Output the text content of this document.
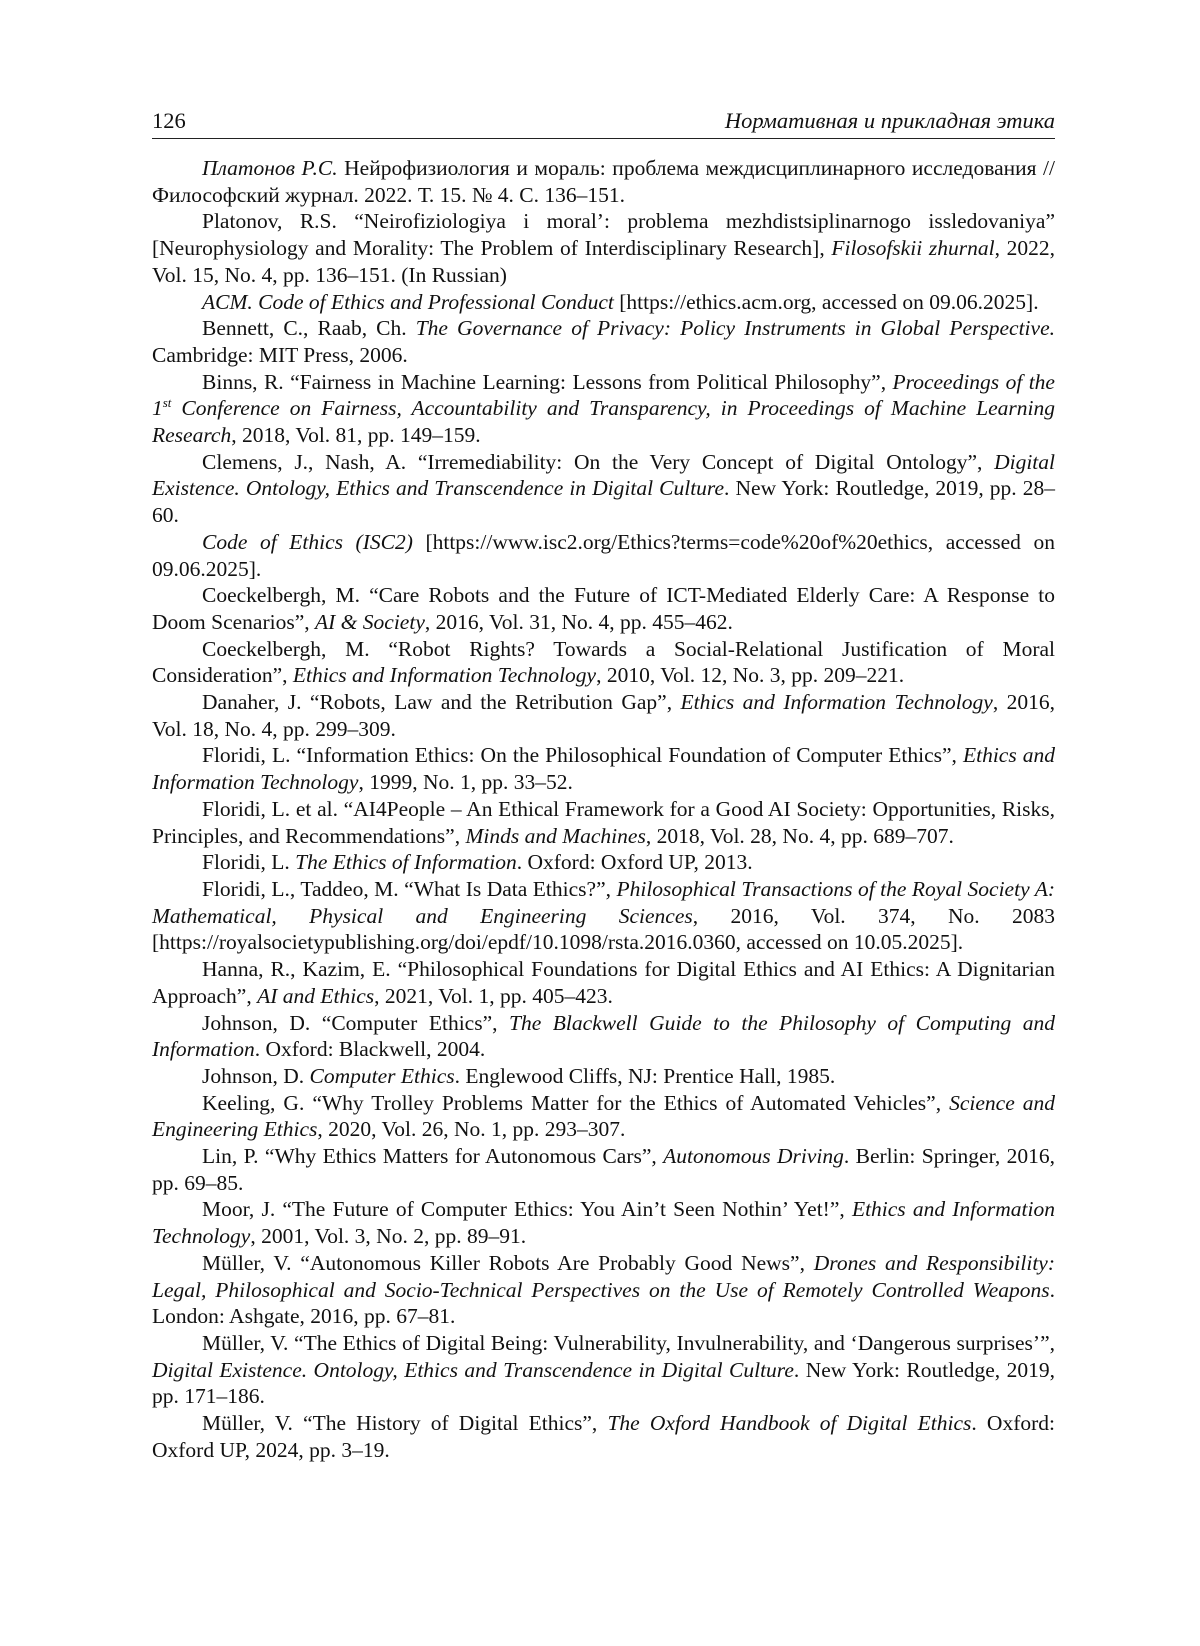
126	Нормативная и прикладная этика

Платонов Р.С. Нейрофизиология и мораль: проблема междисциплинарного исследования // Философский журнал. 2022. Т. 15. № 4. С. 136–151.

Platonov, R.S. “Neirofiziologiya i moral’: problema mezhdistsiplinarnogo issledovaniya” [Neurophysiology and Morality: The Problem of Interdisciplinary Research], Filosofskii zhurnal, 2022, Vol. 15, No. 4, pp. 136–151. (In Russian)

ACM. Code of Ethics and Professional Conduct [https://ethics.acm.org, accessed on 09.06.2025].

Bennett, C., Raab, Ch. The Governance of Privacy: Policy Instruments in Global Perspective. Cambridge: MIT Press, 2006.

Binns, R. “Fairness in Machine Learning: Lessons from Political Philosophy”, Proceedings of the 1st Conference on Fairness, Accountability and Transparency, in Proceedings of Machine Learning Research, 2018, Vol. 81, pp. 149–159.

Clemens, J., Nash, A. “Irremediability: On the Very Concept of Digital Ontology”, Digital Existence. Ontology, Ethics and Transcendence in Digital Culture. New York: Routledge, 2019, pp. 28–60.

Code of Ethics (ISC2) [https://www.isc2.org/Ethics?terms=code%20of%20ethics, accessed on 09.06.2025].

Coeckelbergh, M. “Care Robots and the Future of ICT-Mediated Elderly Care: A Response to Doom Scenarios”, AI & Society, 2016, Vol. 31, No. 4, pp. 455–462.

Coeckelbergh, M. “Robot Rights? Towards a Social-Relational Justification of Moral Consideration”, Ethics and Information Technology, 2010, Vol. 12, No. 3, pp. 209–221.

Danaher, J. “Robots, Law and the Retribution Gap”, Ethics and Information Technology, 2016, Vol. 18, No. 4, pp. 299–309.

Floridi, L. “Information Ethics: On the Philosophical Foundation of Computer Ethics”, Ethics and Information Technology, 1999, No. 1, pp. 33–52.

Floridi, L. et al. “AI4People – An Ethical Framework for a Good AI Society: Opportunities, Risks, Principles, and Recommendations”, Minds and Machines, 2018, Vol. 28, No. 4, pp. 689–707.

Floridi, L. The Ethics of Information. Oxford: Oxford UP, 2013.

Floridi, L., Taddeo, M. “What Is Data Ethics?”, Philosophical Transactions of the Royal Society A: Mathematical, Physical and Engineering Sciences, 2016, Vol. 374, No. 2083 [https://royalsocietypublishing.org/doi/epdf/10.1098/rsta.2016.0360, accessed on 10.05.2025].

Hanna, R., Kazim, E. “Philosophical Foundations for Digital Ethics and AI Ethics: A Dignitarian Approach”, AI and Ethics, 2021, Vol. 1, pp. 405–423.

Johnson, D. “Computer Ethics”, The Blackwell Guide to the Philosophy of Computing and Information. Oxford: Blackwell, 2004.

Johnson, D. Computer Ethics. Englewood Cliffs, NJ: Prentice Hall, 1985.

Keeling, G. “Why Trolley Problems Matter for the Ethics of Automated Vehicles”, Science and Engineering Ethics, 2020, Vol. 26, No. 1, pp. 293–307.

Lin, P. “Why Ethics Matters for Autonomous Cars”, Autonomous Driving. Berlin: Springer, 2016, pp. 69–85.

Moor, J. “The Future of Computer Ethics: You Ain’t Seen Nothin’ Yet!”, Ethics and Information Technology, 2001, Vol. 3, No. 2, pp. 89–91.

Müller, V. “Autonomous Killer Robots Are Probably Good News”, Drones and Responsibility: Legal, Philosophical and Socio-Technical Perspectives on the Use of Remotely Controlled Weapons. London: Ashgate, 2016, pp. 67–81.

Müller, V. “The Ethics of Digital Being: Vulnerability, Invulnerability, and ‘Dangerous surprises’”, Digital Existence. Ontology, Ethics and Transcendence in Digital Culture. New York: Routledge, 2019, pp. 171–186.

Müller, V. “The History of Digital Ethics”, The Oxford Handbook of Digital Ethics. Oxford: Oxford UP, 2024, pp. 3–19.
